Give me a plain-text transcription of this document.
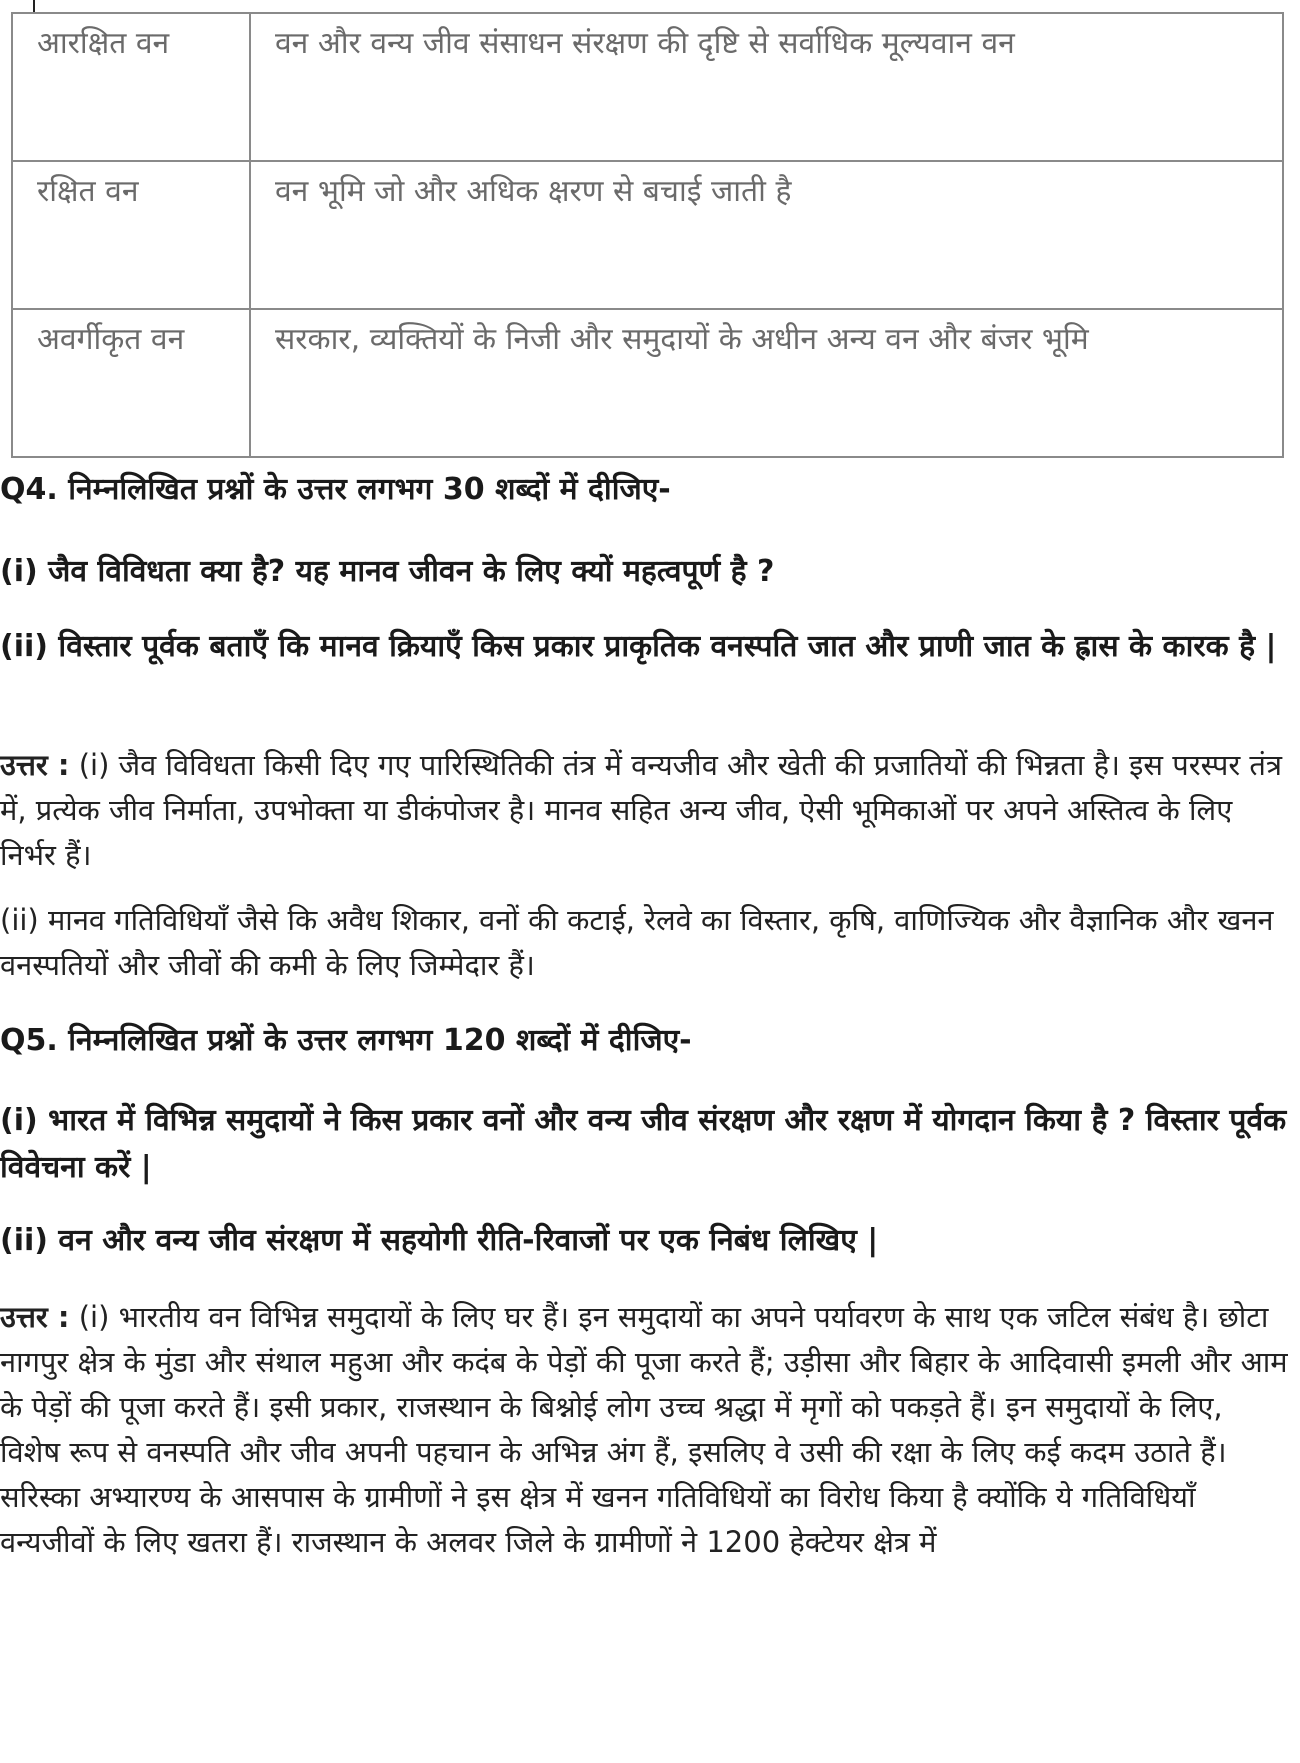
आरक्षित वन	वन और वन्य जीव संसाधन संरक्षण की दृष्टि से सर्वाधिक मूल्यवान वन
रक्षित वन	वन भूमि जो और अधिक क्षरण से बचाई जाती है
अवर्गीकृत वन	सरकार, व्यक्तियों के निजी और समुदायों के अधीन अन्य वन और बंजर भूमि
Q4. निम्नलिखित प्रश्नों के उत्तर लगभग 30 शब्दों में दीजिए-
(i) जैव विविधता क्या है? यह मानव जीवन के लिए क्यों महत्वपूर्ण है ?
(ii) विस्तार पूर्वक बताएँ कि मानव क्रियाएँ किस प्रकार प्राकृतिक वनस्पति जात और प्राणी जात के ह्रास के कारक है |
उत्तर : (i) जैव विविधता किसी दिए गए पारिस्थितिकी तंत्र में वन्यजीव और खेती की प्रजातियों की भिन्नता है। इस परस्पर तंत्र में, प्रत्येक जीव निर्माता, उपभोक्ता या डीकंपोजर है। मानव सहित अन्य जीव, ऐसी भूमिकाओं पर अपने अस्तित्व के लिए निर्भर हैं।
(ii) मानव गतिविधियाँ जैसे कि अवैध शिकार, वनों की कटाई, रेलवे का विस्तार, कृषि, वाणिज्यिक और वैज्ञानिक और खनन वनस्पतियों और जीवों की कमी के लिए जिम्मेदार हैं।
Q5. निम्नलिखित प्रश्नों के उत्तर लगभग 120 शब्दों में दीजिए-
(i) भारत में विभिन्न समुदायों ने किस प्रकार वनों और वन्य जीव संरक्षण और रक्षण में योगदान किया है ? विस्तार पूर्वक विवेचना करें |
(ii) वन और वन्य जीव संरक्षण में सहयोगी रीति-रिवाजों पर एक निबंध लिखिए |
उत्तर : (i) भारतीय वन विभिन्न समुदायों के लिए घर हैं। इन समुदायों का अपने पर्यावरण के साथ एक जटिल संबंध है। छोटा नागपुर क्षेत्र के मुंडा और संथाल महुआ और कदंब के पेड़ों की पूजा करते हैं; उड़ीसा और बिहार के आदिवासी इमली और आम के पेड़ों की पूजा करते हैं। इसी प्रकार, राजस्थान के बिश्नोई लोग उच्च श्रद्धा में मृगों को पकड़ते हैं। इन समुदायों के लिए, विशेष रूप से वनस्पति और जीव अपनी पहचान के अभिन्न अंग हैं, इसलिए वे उसी की रक्षा के लिए कई कदम उठाते हैं। सरिस्का अभ्यारण्य के आसपास के ग्रामीणों ने इस क्षेत्र में खनन गतिविधियों का विरोध किया है क्योंकि ये गतिविधियाँ वन्यजीवों के लिए खतरा हैं। राजस्थान के अलवर जिले के ग्रामीणों ने 1200 हेक्टेयर क्षेत्र में
